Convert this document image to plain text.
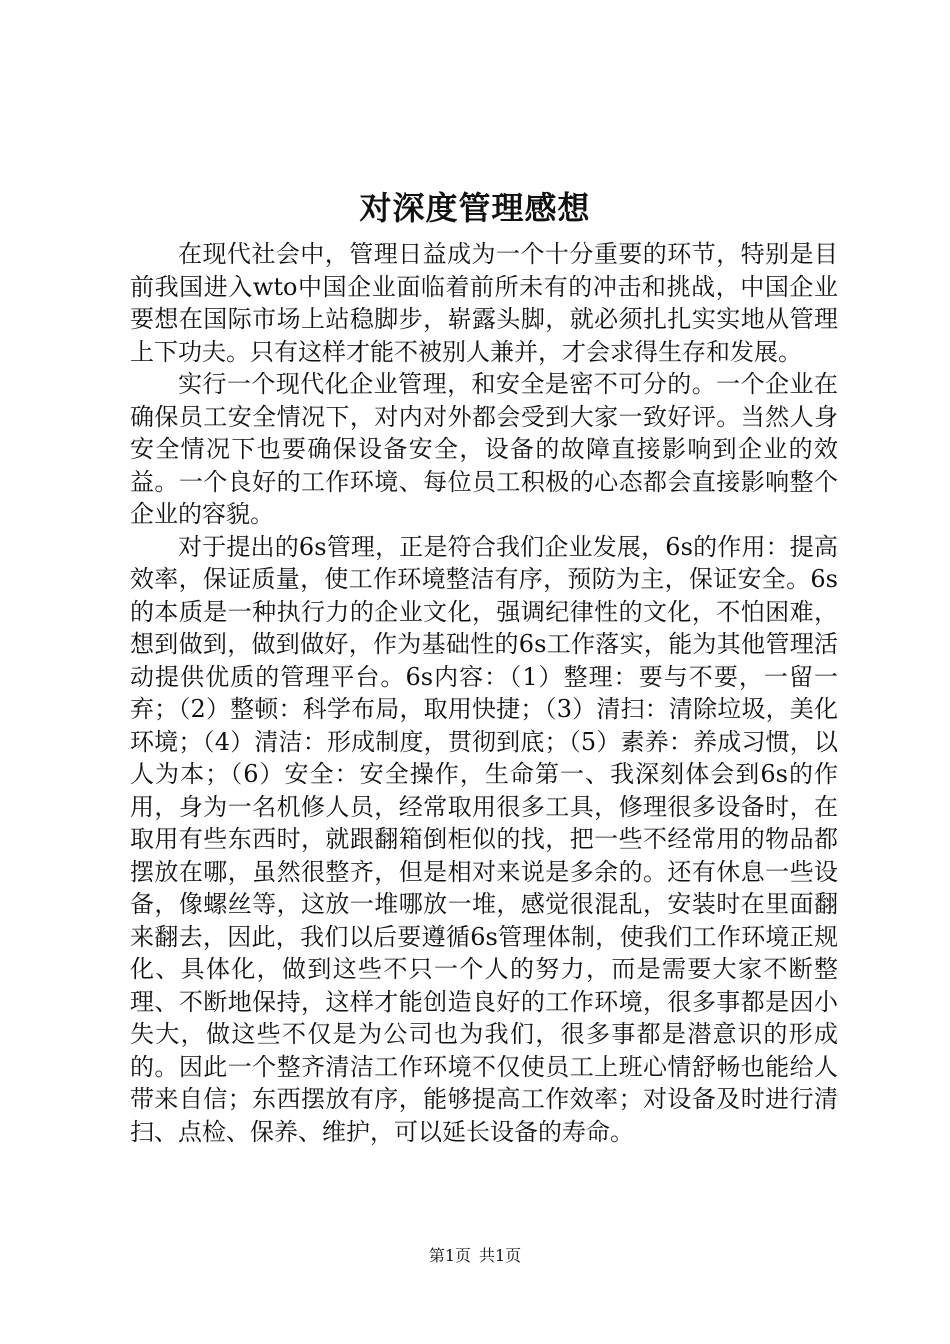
对深度管理感想

在现代社会中，管理日益成为一个十分重要的环节，特别是目前我国进入wto中国企业面临着前所未有的冲击和挑战，中国企业要想在国际市场上站稳脚步，崭露头脚，就必须扎扎实实地从管理上下功夫。只有这样才能不被别人兼并，才会求得生存和发展。

实行一个现代化企业管理，和安全是密不可分的。一个企业在确保员工安全情况下，对内对外都会受到大家一致好评。当然人身安全情况下也要确保设备安全，设备的故障直接影响到企业的效益。一个良好的工作环境、每位员工积极的心态都会直接影响整个企业的容貌。

对于提出的6s管理，正是符合我们企业发展，6s的作用：提高效率，保证质量，使工作环境整洁有序，预防为主，保证安全。6s的本质是一种执行力的企业文化，强调纪律性的文化，不怕困难，想到做到，做到做好，作为基础性的6s工作落实，能为其他管理活动提供优质的管理平台。6s内容：（1）整理：要与不要，一留一弃；（2）整顿：科学布局，取用快捷；（3）清扫：清除垃圾，美化环境；（4）清洁：形成制度，贯彻到底；（5）素养：养成习惯，以人为本；（6）安全：安全操作，生命第一、我深刻体会到6s的作用，身为一名机修人员，经常取用很多工具，修理很多设备时，在取用有些东西时，就跟翻箱倒柜似的找，把一些不经常用的物品都摆放在哪，虽然很整齐，但是相对来说是多余的。还有休息一些设备，像螺丝等，这放一堆哪放一堆，感觉很混乱，安装时在里面翻来翻去，因此，我们以后要遵循6s管理体制，使我们工作环境正规化、具体化，做到这些不只一个人的努力，而是需要大家不断整理、不断地保持，这样才能创造良好的工作环境，很多事都是因小失大，做这些不仅是为公司也为我们，很多事都是潜意识的形成的。因此一个整齐清洁工作环境不仅使员工上班心情舒畅也能给人带来自信；东西摆放有序，能够提高工作效率；对设备及时进行清扫、点检、保养、维护，可以延长设备的寿命。

第1页 共1页
